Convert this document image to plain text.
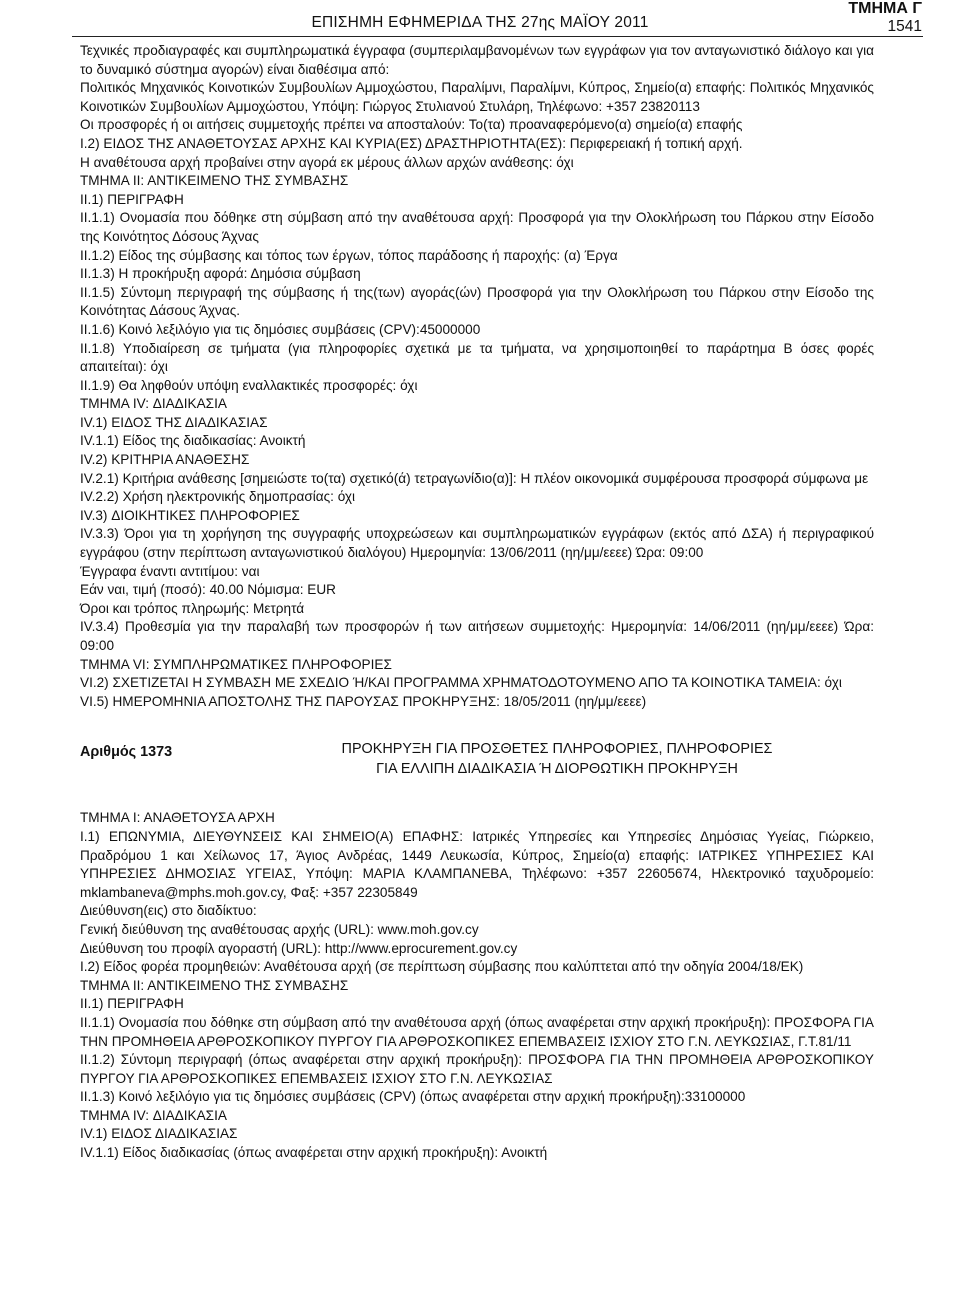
ΕΠΙΣΗΜΗ ΕΦΗΜΕΡΙΔΑ ΤΗΣ 27ης ΜΑΪΟΥ 2011
ΤΜΗΜΑ Γ
1541

Τεχνικές προδιαγραφές και συμπληρωματικά έγγραφα (συμπεριλαμβανομένων των εγγράφων για τον ανταγωνιστικό διάλογο και για το δυναμικό σύστημα αγορών) είναι διαθέσιμα από:

Πολιτικός Μηχανικός Κοινοτικών Συμβουλίων Αμμοχώστου, Παραλίμνι, Παραλίμνι, Κύπρος, Σημείο(α) επαφής: Πολιτικός Μηχανικός Κοινοτικών Συμβουλίων Αμμοχώστου, Υπόψη: Γιώργος Στυλιανού Στυλάρη, Τηλέφωνο: +357 23820113

Οι προσφορές ή οι αιτήσεις συμμετοχής πρέπει να αποσταλούν: Το(τα) προαναφερόμενο(α) σημείο(α) επαφής

I.2) ΕΙΔΟΣ ΤΗΣ ΑΝΑΘΕΤΟΥΣΑΣ ΑΡΧΗΣ ΚΑΙ ΚΥΡΙΑ(ΕΣ) ΔΡΑΣΤΗΡΙΟΤΗΤΑ(ΕΣ): Περιφερειακή ή τοπική αρχή.

Η αναθέτουσα αρχή προβαίνει στην αγορά εκ μέρους άλλων αρχών ανάθεσης: όχι

ΤΜΗΜΑ ΙΙ: ΑΝΤΙΚΕΙΜΕΝΟ ΤΗΣ ΣΥΜΒΑΣΗΣ

II.1) ΠΕΡΙΓΡΑΦΗ

II.1.1) Ονομασία που δόθηκε στη σύμβαση από την αναθέτουσα αρχή: Προσφορά για την Ολοκλήρωση του Πάρκου στην Είσοδο της Κοινότητος Δόσους Άχνας

II.1.2) Είδος της σύμβασης και τόπος των έργων, τόπος παράδοσης ή παροχής: (α) Έργα

II.1.3) Η προκήρυξη αφορά: Δημόσια σύμβαση

II.1.5) Σύντομη περιγραφή της σύμβασης ή της(των) αγοράς(ών) Προσφορά για την Ολοκλήρωση του Πάρκου στην Είσοδο της Κοινότητας Δάσους Άχνας.

II.1.6) Κοινό λεξιλόγιο για τις δημόσιες συμβάσεις (CPV):45000000

II.1.8) Υποδιαίρεση σε τμήματα (για πληροφορίες σχετικά με τα τμήματα, να χρησιμοποιηθεί το παράρτημα Β όσες φορές απαιτείται): όχι

II.1.9) Θα ληφθούν υπόψη εναλλακτικές προσφορές: όχι

ΤΜΗΜΑ IV: ΔΙΑΔΙΚΑΣΙΑ

IV.1) ΕΙΔΟΣ ΤΗΣ ΔΙΑΔΙΚΑΣΙΑΣ

IV.1.1) Είδος της διαδικασίας: Ανοικτή

IV.2) ΚΡΙΤΗΡΙΑ ΑΝΑΘΕΣΗΣ

IV.2.1) Κριτήρια ανάθεσης [σημειώστε το(τα) σχετικό(ά) τετραγωνίδιο(α)]: Η πλέον οικονομικά συμφέρουσα προσφορά σύμφωνα με

IV.2.2) Χρήση ηλεκτρονικής δημοπρασίας: όχι

IV.3) ΔΙΟΙΚΗΤΙΚΕΣ ΠΛΗΡΟΦΟΡΙΕΣ

IV.3.3) Όροι για τη χορήγηση της συγγραφής υποχρεώσεων και συμπληρωματικών εγγράφων (εκτός από ΔΣΑ) ή περιγραφικού εγγράφου (στην περίπτωση ανταγωνιστικού διαλόγου) Ημερομηνία: 13/06/2011 (ηη/μμ/εεεε) Ώρα: 09:00

Έγγραφα έναντι αντιτίμου: ναι

Εάν ναι, τιμή (ποσό): 40.00 Νόμισμα: EUR

Όροι και τρόπος πληρωμής: Μετρητά

IV.3.4) Προθεσμία για την παραλαβή των προσφορών ή των αιτήσεων συμμετοχής: Ημερομηνία: 14/06/2011 (ηη/μμ/εεεε) Ώρα: 09:00

ΤΜΗΜΑ VI: ΣΥΜΠΛΗΡΩΜΑΤΙΚΕΣ ΠΛΗΡΟΦΟΡΙΕΣ

VI.2) ΣΧΕΤΙΖΕΤΑΙ Η ΣΥΜΒΑΣΗ ΜΕ ΣΧΕΔΙΟ Ή/ΚΑΙ ΠΡΟΓΡΑΜΜΑ ΧΡΗΜΑΤΟΔΟΤΟΥΜΕΝΟ ΑΠΟ ΤΑ ΚΟΙΝΟΤΙΚΑ ΤΑΜΕΙΑ: όχι

VI.5) ΗΜΕΡΟΜΗΝΙΑ ΑΠΟΣΤΟΛΗΣ ΤΗΣ ΠΑΡΟΥΣΑΣ ΠΡΟΚΗΡΥΞΗΣ: 18/05/2011 (ηη/μμ/εεεε)

Αριθμός 1373	ΠΡΟΚΗΡΥΞΗ ΓΙΑ ΠΡΟΣΘΕΤΕΣ ΠΛΗΡΟΦΟΡΙΕΣ, ΠΛΗΡΟΦΟΡΙΕΣ
ΓΙΑ ΕΛΛΙΠΗ ΔΙΑΔΙΚΑΣΙΑ Ή ΔΙΟΡΘΩΤΙΚΗ ΠΡΟΚΗΡΥΞΗ

ΤΜΗΜΑ Ι: ΑΝΑΘΕΤΟΥΣΑ ΑΡΧΗ

I.1) ΕΠΩΝΥΜΙΑ, ΔΙΕΥΘΥΝΣΕΙΣ ΚΑΙ ΣΗΜΕΙΟ(Α) ΕΠΑΦΗΣ: Ιατρικές Υπηρεσίες και Υπηρεσίες Δημόσιας Υγείας, Γιώρκειο, Πραδρόμου 1 και Χείλωνος 17, Άγιος Ανδρέας, 1449 Λευκωσία, Κύπρος, Σημείο(α) επαφής: ΙΑΤΡΙΚΕΣ ΥΠΗΡΕΣΙΕΣ ΚΑΙ ΥΠΗΡΕΣΙΕΣ ΔΗΜΟΣΙΑΣ ΥΓΕΙΑΣ, Υπόψη: ΜΑΡΙΑ ΚΛΑΜΠΑΝΕΒΑ, Τηλέφωνο: +357 22605674, Ηλεκτρονικό ταχυδρομείο: mklambaneva@mphs.moh.gov.cy, Φαξ: +357 22305849

Διεύθυνση(εις) στο διαδίκτυο:

Γενική διεύθυνση της αναθέτουσας αρχής (URL): www.moh.gov.cy

Διεύθυνση του προφίλ αγοραστή (URL): http://www.eprocurement.gov.cy

I.2) Είδος φορέα προμηθειών: Αναθέτουσα αρχή (σε περίπτωση σύμβασης που καλύπτεται από την οδηγία 2004/18/ΕΚ)

ΤΜΗΜΑ ΙΙ: ΑΝΤΙΚΕΙΜΕΝΟ ΤΗΣ ΣΥΜΒΑΣΗΣ

II.1) ΠΕΡΙΓΡΑΦΗ

II.1.1) Ονομασία που δόθηκε στη σύμβαση από την αναθέτουσα αρχή (όπως αναφέρεται στην αρχική προκήρυξη): ΠΡΟΣΦΟΡΑ ΓΙΑ ΤΗΝ ΠΡΟΜΗΘΕΙΑ ΑΡΘΡΟΣΚΟΠΙΚΟΥ ΠΥΡΓΟΥ ΓΙΑ ΑΡΘΡΟΣΚΟΠΙΚΕΣ ΕΠΕΜΒΑΣΕΙΣ ΙΣΧΙΟΥ ΣΤΟ Γ.Ν. ΛΕΥΚΩΣΙΑΣ, Γ.Τ.81/11

II.1.2) Σύντομη περιγραφή (όπως αναφέρεται στην αρχική προκήρυξη): ΠΡΟΣΦΟΡΑ ΓΙΑ ΤΗΝ ΠΡΟΜΗΘΕΙΑ ΑΡΘΡΟΣΚΟΠΙΚΟΥ ΠΥΡΓΟΥ ΓΙΑ ΑΡΘΡΟΣΚΟΠΙΚΕΣ ΕΠΕΜΒΑΣΕΙΣ ΙΣΧΙΟΥ ΣΤΟ Γ.Ν. ΛΕΥΚΩΣΙΑΣ

II.1.3) Κοινό λεξιλόγιο για τις δημόσιες συμβάσεις (CPV) (όπως αναφέρεται στην αρχική προκήρυξη):33100000

ΤΜΗΜΑ IV: ΔΙΑΔΙΚΑΣΙΑ

IV.1) ΕΙΔΟΣ ΔΙΑΔΙΚΑΣΙΑΣ

IV.1.1) Είδος διαδικασίας (όπως αναφέρεται στην αρχική προκήρυξη): Ανοικτή
